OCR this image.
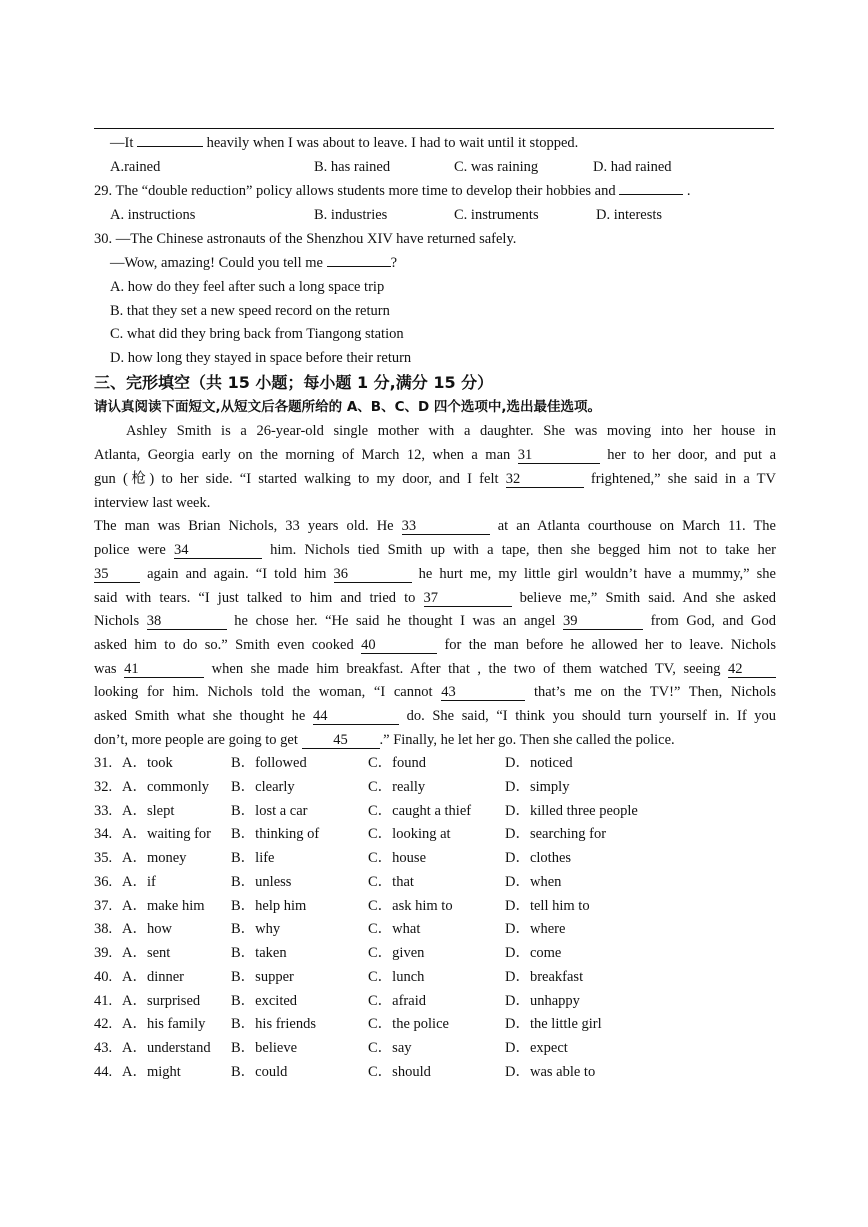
—It	heavily when I was about to leave. I had to wait until it stopped.
A.rained	B. has rained	C. was raining	D. had rained
29. The “double reduction” policy allows students more time to develop their hobbies and	.
A. instructions	B. industries	C. instruments	D. interests
30. —The Chinese astronauts of the Shenzhou XIV have returned safely.
—Wow, amazing! Could you tell me	?
A. how do they feel after such a long space trip
B. that they set a new speed record on the return
C. what did they bring back from Tiangong station
D. how long they stayed in space before their return
三、完形填空（共 15 小题；每小题 1 分,满分 15 分）
请认真阅读下面短文,从短文后各题所给的 A、B、C、D 四个选项中,选出最佳选项。
Ashley Smith is a 26-year-old single mother with a daughter. She was moving into her house in
Atlanta, Georgia early on the morning of March 12, when a man 31	her to her door, and put a
gun (枪) to her side. “I started walking to my door, and I felt 32	frightened,” she said in a TV
interview last week.
The man was Brian Nichols, 33 years old. He 33	at an Atlanta courthouse on March 11. The
police were 34	him. Nichols tied Smith up with a tape, then she begged him not to take her
35	again and again. “I told him 36	he hurt me, my little girl wouldn’t have a mummy,” she
said with tears. “I just talked to him and tried to 37	believe me,” Smith said. And she asked
Nichols 38	he chose her. “He said he thought I was an angel 39	from God, and God
asked him to do so.” Smith even cooked 40	for the man before he allowed her to leave. Nichols
was 41	when she made him breakfast. After that , the two of them watched TV, seeing 42
looking for him. Nichols told the woman, “I cannot 43	that’s me on the TV!” Then, Nichols
asked Smith what she thought he 44	do. She said, “I think you should turn yourself in. If you
don’t, more people are going to get 45 .” Finally, he let her go. Then she called the police.
31. A．took	B．followed	C．found	D．noticed
32. A．commonly B．clearly	C．really	D．simply
33. A．slept	B．lost a car	C．caught a thief D．killed three people
34. A．waiting for B．thinking of	C．looking at	D．searching for
35. A．money	B．life	C．house	D．clothes
36. A．if	B．unless	C．that	D．when
37. A．make him B．help him	C．ask him to	D．tell him to
38. A．how	B．why	C．what	D．where
39. A．sent	B．taken	C．given	D．come
40. A．dinner	B．supper	C．lunch	D．breakfast
41. A．surprised B．excited	C．afraid	D．unhappy
42. A．his family B．his friends	C．the police	D．the little girl
43. A．understand B．believe	C．say	D．expect
44. A．might	B．could	C．should	D．was able to
